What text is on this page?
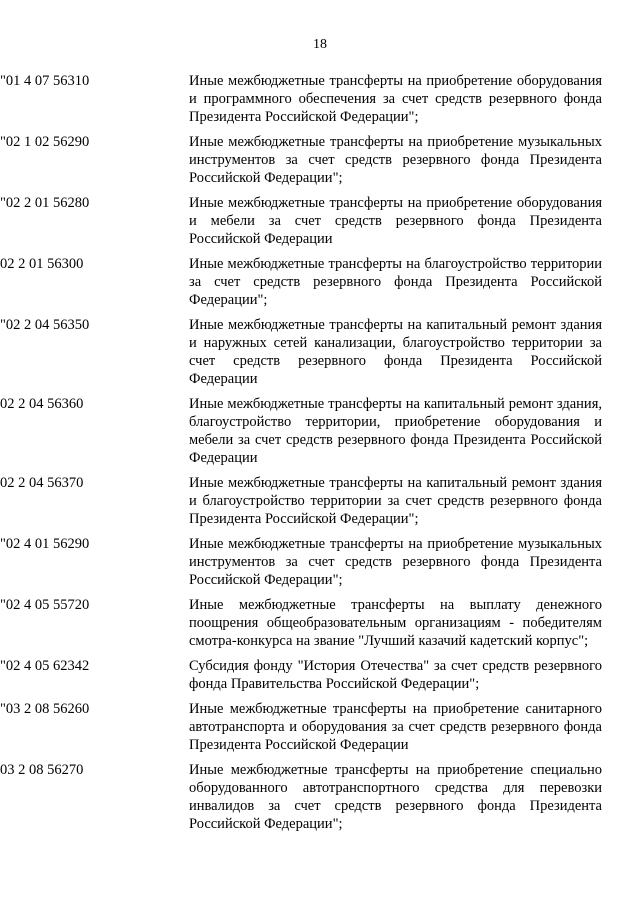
18
"01 4 07 56310	Иные межбюджетные трансферты на приобретение оборудования и программного обеспечения за счет средств резервного фонда Президента Российской Федерации";
"02 1 02 56290	Иные межбюджетные трансферты на приобретение музыкальных инструментов за счет средств резервного фонда Президента Российской Федерации";
"02 2 01 56280	Иные межбюджетные трансферты на приобретение оборудования и мебели за счет средств резервного фонда Президента Российской Федерации
02 2 01 56300	Иные межбюджетные трансферты на благоустройство территории за счет средств резервного фонда Президента Российской Федерации";
"02 2 04 56350	Иные межбюджетные трансферты на капитальный ремонт здания и наружных сетей канализации, благоустройство территории за счет средств резервного фонда Президента Российской Федерации
02 2 04 56360	Иные межбюджетные трансферты на капитальный ремонт здания, благоустройство территории, приобретение оборудования и мебели за счет средств резервного фонда Президента Российской Федерации
02 2 04 56370	Иные межбюджетные трансферты на капитальный ремонт здания и благоустройство территории за счет средств резервного фонда Президента Российской Федерации";
"02 4 01 56290	Иные межбюджетные трансферты на приобретение музыкальных инструментов за счет средств резервного фонда Президента Российской Федерации";
"02 4 05 55720	Иные межбюджетные трансферты на выплату денежного поощрения общеобразовательным организациям - победителям смотра-конкурса на звание "Лучший казачий кадетский корпус";
"02 4 05 62342	Субсидия фонду "История Отечества" за счет средств резервного фонда Правительства Российской Федерации";
"03 2 08 56260	Иные межбюджетные трансферты на приобретение санитарного автотранспорта и оборудования за счет средств резервного фонда Президента Российской Федерации
03 2 08 56270	Иные межбюджетные трансферты на приобретение специально оборудованного автотранспортного средства для перевозки инвалидов за счет средств резервного фонда Президента Российской Федерации";
